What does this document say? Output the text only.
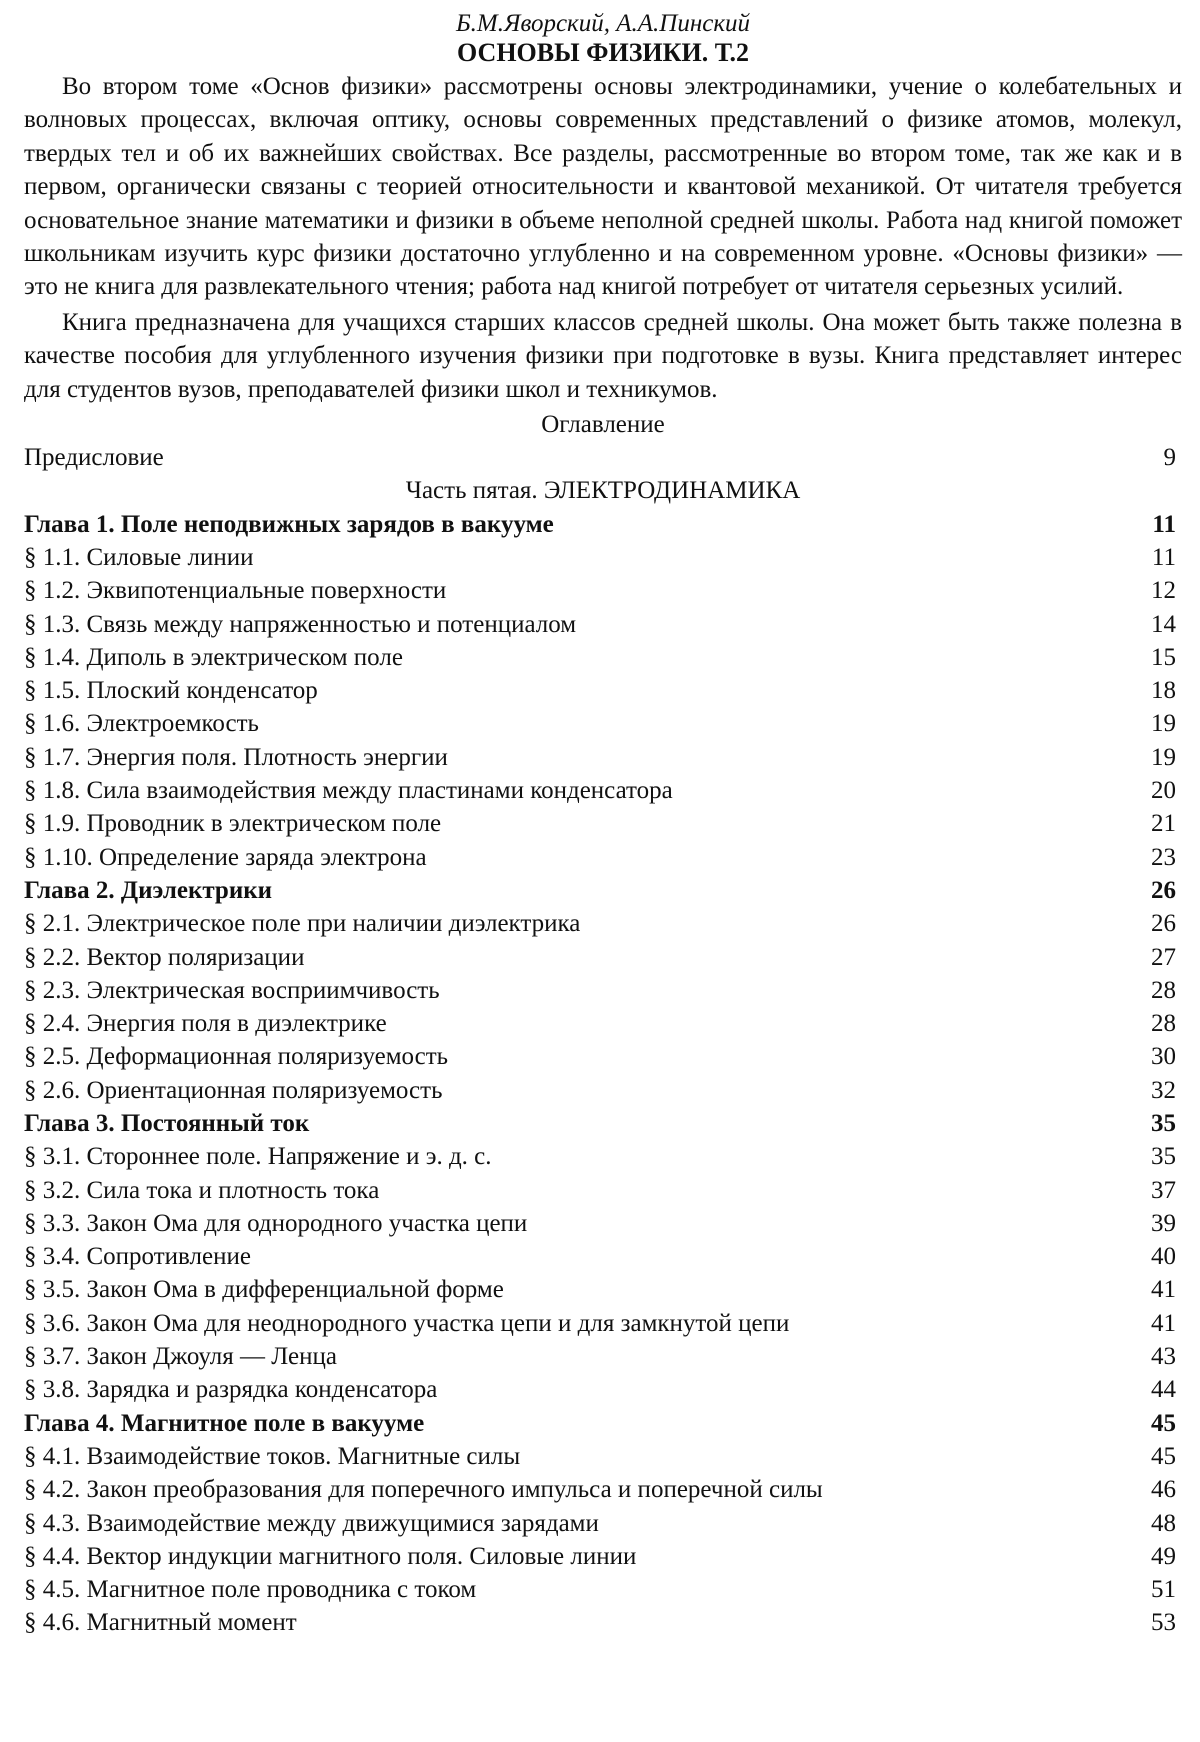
Б.М.Яворский, А.А.Пинский
ОСНОВЫ ФИЗИКИ. Т.2

Во втором томе «Основ физики» рассмотрены основы электродинамики, учение о колебательных и волновых процессах, включая оптику, основы современных представлений о физике атомов, молекул, твердых тел и об их важнейших свойствах. Все разделы, рассмотренные во втором томе, так же как и в первом, органически связаны с теорией относительности и квантовой механикой. От читателя требуется основательное знание математики и физики в объеме неполной средней школы. Работа над книгой поможет школьникам изучить курс физики достаточно углубленно и на современном уровне. «Основы физики» — это не книга для развлекательного чтения; работа над книгой потребует от читателя серьезных усилий.

Книга предназначена для учащихся старших классов средней школы. Она может быть также полезна в качестве пособия для углубленного изучения физики при подготовке в вузы. Книга представляет интерес для студентов вузов, преподавателей физики школ и техникумов.

Оглавление
Предисловие	9
Часть пятая. ЭЛЕКТРОДИНАМИКА
Глава 1. Поле неподвижных зарядов в вакууме	11
§ 1.1. Силовые линии	11
§ 1.2. Эквипотенциальные поверхности	12
§ 1.3. Связь между напряженностью и потенциалом	14
§ 1.4. Диполь в электрическом поле	15
§ 1.5. Плоский конденсатор	18
§ 1.6. Электроемкость	19
§ 1.7. Энергия поля. Плотность энергии	19
§ 1.8. Сила взаимодействия между пластинами конденсатора	20
§ 1.9. Проводник в электрическом поле	21
§ 1.10. Определение заряда электрона	23
Глава 2. Диэлектрики	26
§ 2.1. Электрическое поле при наличии диэлектрика	26
§ 2.2. Вектор поляризации	27
§ 2.3. Электрическая восприимчивость	28
§ 2.4. Энергия поля в диэлектрике	28
§ 2.5. Деформационная поляризуемость	30
§ 2.6. Ориентационная поляризуемость	32
Глава 3. Постоянный ток	35
§ 3.1. Стороннее поле. Напряжение и э. д. с.	35
§ 3.2. Сила тока и плотность тока	37
§ 3.3. Закон Ома для однородного участка цепи	39
§ 3.4. Сопротивление	40
§ 3.5. Закон Ома в дифференциальной форме	41
§ 3.6. Закон Ома для неоднородного участка цепи и для замкнутой цепи	41
§ 3.7. Закон Джоуля — Ленца	43
§ 3.8. Зарядка и разрядка конденсатора	44
Глава 4. Магнитное поле в вакууме	45
§ 4.1. Взаимодействие токов. Магнитные силы	45
§ 4.2. Закон преобразования для поперечного импульса и поперечной силы	46
§ 4.3. Взаимодействие между движущимися зарядами	48
§ 4.4. Вектор индукции магнитного поля. Силовые линии	49
§ 4.5. Магнитное поле проводника с током	51
§ 4.6. Магнитный момент	53
